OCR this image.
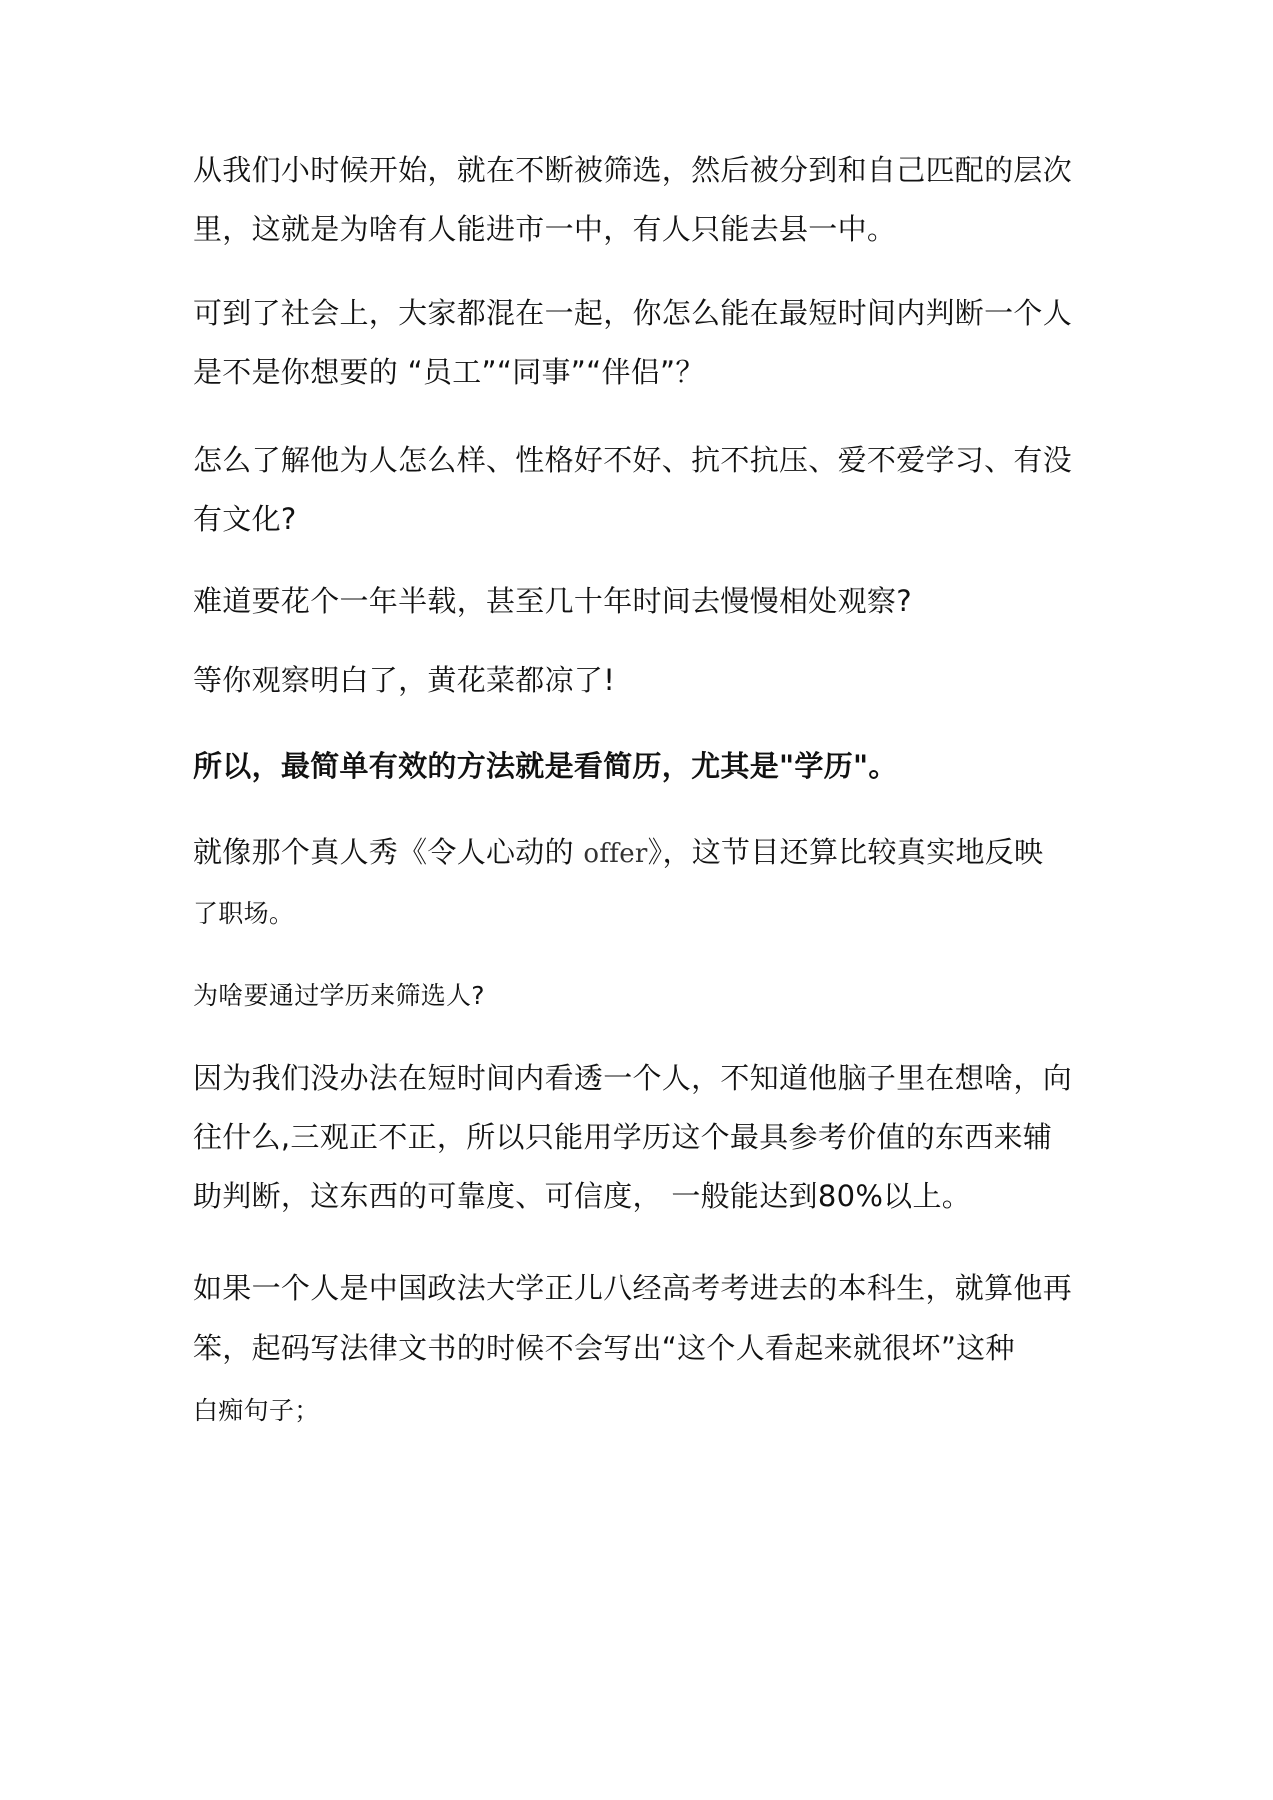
从我们小时候开始，就在不断被筛选，然后被分到和自己匹配的层次
里，这就是为啥有人能进市一中，有人只能去县一中。
可到了社会上，大家都混在一起，你怎么能在最短时间内判断一个人
是不是你想要的 “员工”“同事”“伴侣”？
怎么了解他为人怎么样、性格好不好、抗不抗压、爱不爱学习、有没
有文化?
难道要花个一年半载，甚至几十年时间去慢慢相处观察?
等你观察明白了，黄花菜都凉了!
所以，最简单有效的方法就是看简历，尤其是"学历"。
就像那个真人秀《令人心动的 offer》，这节目还算比较真实地反映
了职场。
为啥要通过学历来筛选人?
因为我们没办法在短时间内看透一个人，不知道他脑子里在想啥，向
往什么,三观正不正，所以只能用学历这个最具参考价值的东西来辅
助判断，这东西的可靠度、可信度， 一般能达到80%以上。
如果一个人是中国政法大学正儿八经高考考进去的本科生，就算他再
笨，起码写法律文书的时候不会写出“这个人看起来就很坏”这种
白痴句子；
